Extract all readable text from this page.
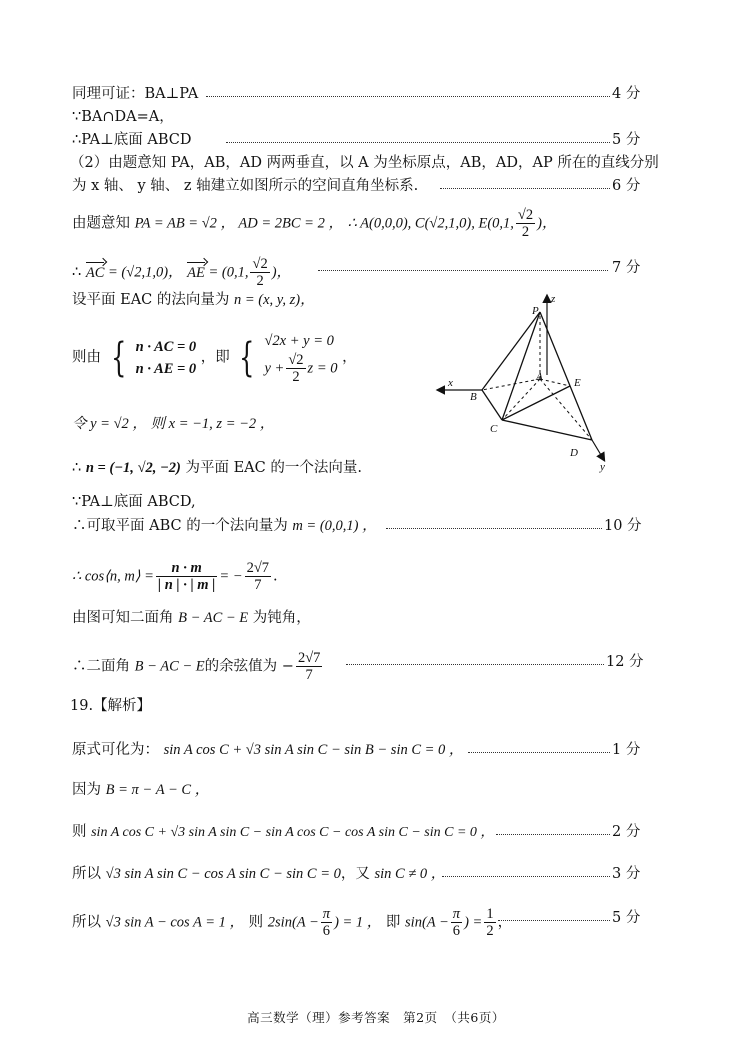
同理可证：BA⊥PA	4 分
∵BA∩DA=A，
∴PA⊥底面 ABCD	5 分
（2）由题意知 PA，AB，AD 两两垂直，以 A 为坐标原点，AB，AD，AP 所在的直线分别
为 x 轴、 y 轴、 z 轴建立如图所示的空间直角坐标系.	6 分
由题意知 PA = AB = √2 ， AD = 2BC = 2 ， ∴ A(0,0,0), C(√2,1,0), E(0,1, $\frac{√2}{2}$ )，
∴ AC = (√2,1,0)， AE = (0,1, $\frac{√2}{2}$ )，	7 分
设平面 EAC 的法向量为 n = (x, y, z)，
则由 { n · AC = 0
n · AE = 0
，即 { √2x + y = 0
$y + \frac{√2}{2}$ z = 0
，
令 y = √2 ， 则 x = −1, z = −2 ，
∴ n = (−1, √2, −2) 为平面 EAC 的一个法向量.
∵PA⊥底面 ABCD,
∴可取平面 ABC 的一个法向量为 m = (0,0,1) ，	10 分
∴ cos⟨n, m⟩ = $\frac{n \cdot m}{| n | \cdot | m |}$ = − $\frac{2√7}{7}$ .
由图可知二面角 B − AC − E 为钝角，
∴二面角 B − AC − E的余弦值为 − $\frac{2√7}{7}$	12 分
19.【解析】
原式可化为： sin A cos C + √3 sin A sin C − sin B − sin C = 0 ，	1 分
因为 B = π − A − C ，
则 sin A cos C + √3 sin A sin C − sin A cos C − cos A sin C − sin C = 0 ，	2 分
所以 √3 sin A sin C − cos A sin C − sin C = 0，又 sin C ≠ 0 ，	3 分
所以 √3 sin A − cos A = 1 ， 则 $2\sin(A - \frac{\pi}{6}$ ) = 1 ， 即 $\sin(A - \frac{\pi}{6}$ ) = $\frac{1}{2}$ ，	5 分
z
P
x
B
A	E
C
D
y
高三数学（理）参考答案　第2页　（共6页）
